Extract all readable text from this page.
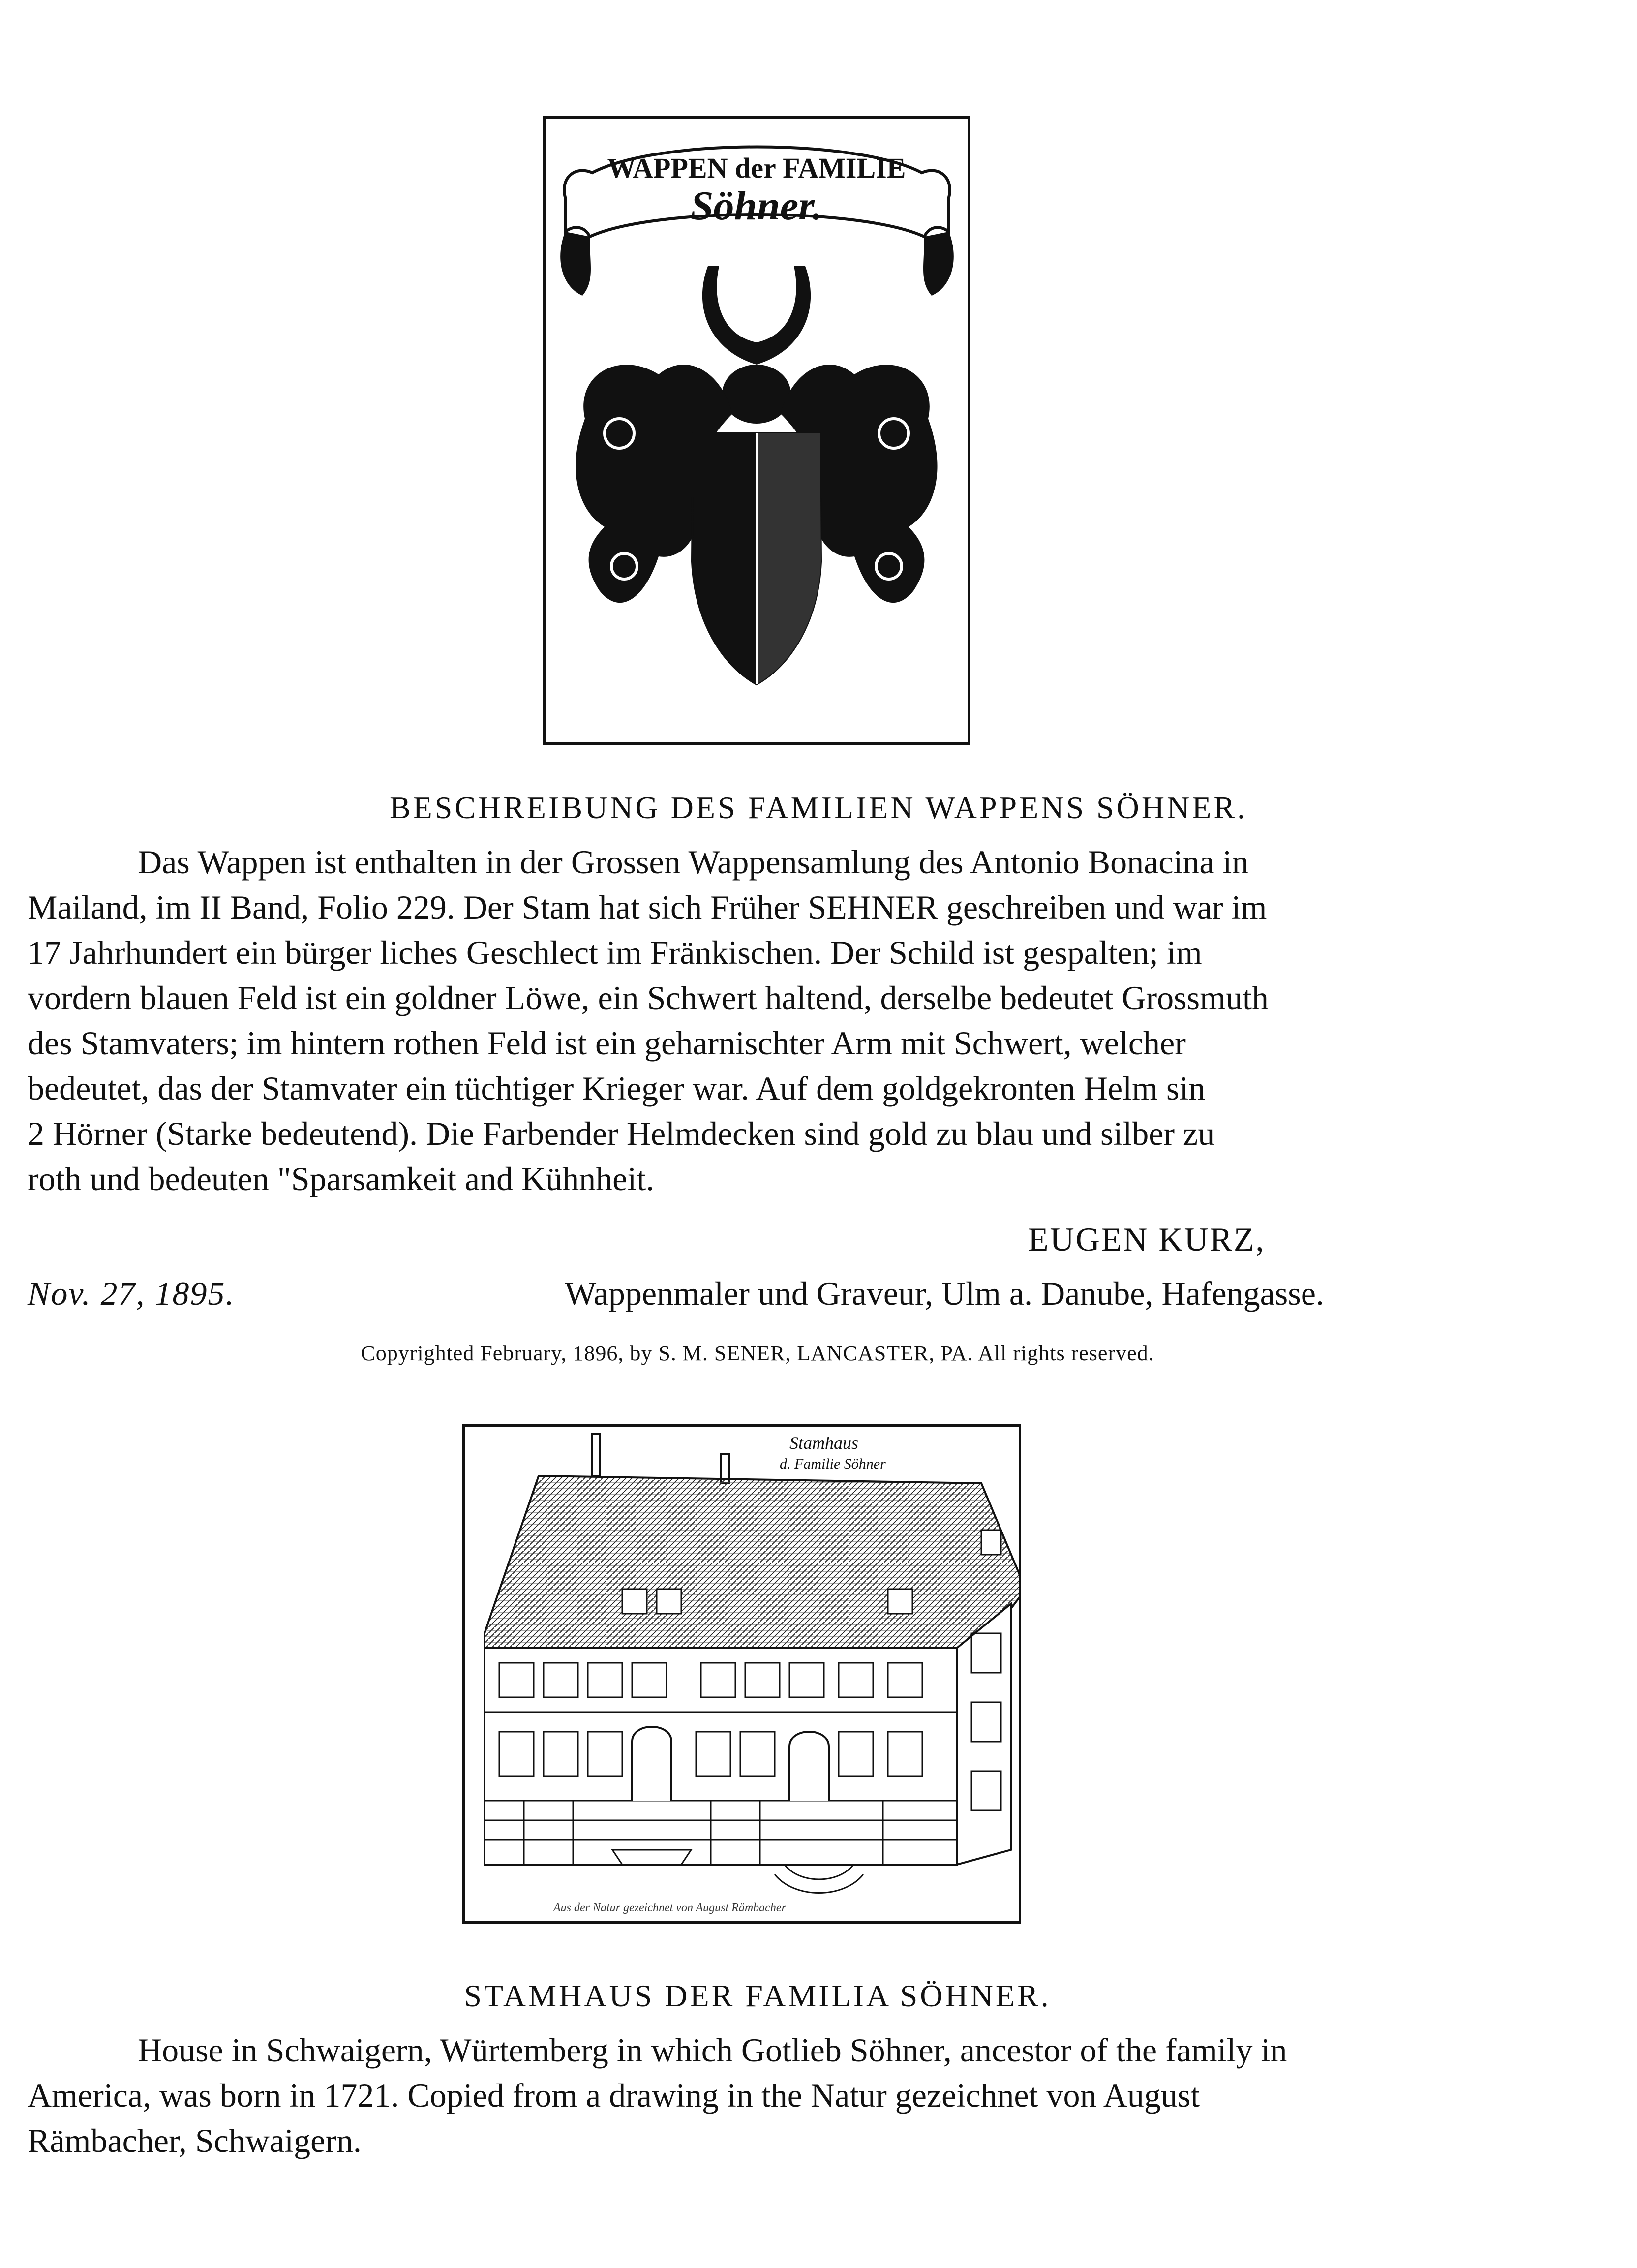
WAPPEN der FAMILIE
Söhner.
BESCHREIBUNG DES FAMILIEN WAPPENS SÖHNER.
Das Wappen ist enthalten in der Grossen Wappensamlung des Antonio Bonacina in
Mailand, im II Band, Folio 229. Der Stam hat sich Früher SEHNER geschreiben und war im
17 Jahrhundert ein bürger liches Geschlect im Fränkischen. Der Schild ist gespalten; im
vordern blauen Feld ist ein goldner Löwe, ein Schwert haltend, derselbe bedeutet Grossmuth
des Stamvaters; im hintern rothen Feld ist ein geharnischter Arm mit Schwert, welcher
bedeutet, das der Stamvater ein tüchtiger Krieger war. Auf dem goldgekronten Helm sin
2 Hörner (Starke bedeutend). Die Farbender Helmdecken sind gold zu blau und silber zu
roth und bedeuten "Sparsamkeit and Kühnheit.
EUGEN KURZ,
Nov. 27, 1895.	Wappenmaler und Graveur, Ulm a. Danube, Hafengasse.
Copyrighted February, 1896, by S. M. SENER, LANCASTER, PA. All rights reserved.
Stamhaus
d. Familie Söhner
Aus der Natur gezeichnet von August Rämbacher
STAMHAUS DER FAMILIA SÖHNER.
House in Schwaigern, Würtemberg in which Gotlieb Söhner, ancestor of the family in
America, was born in 1721. Copied from a drawing in the Natur gezeichnet von August
Rämbacher, Schwaigern.
